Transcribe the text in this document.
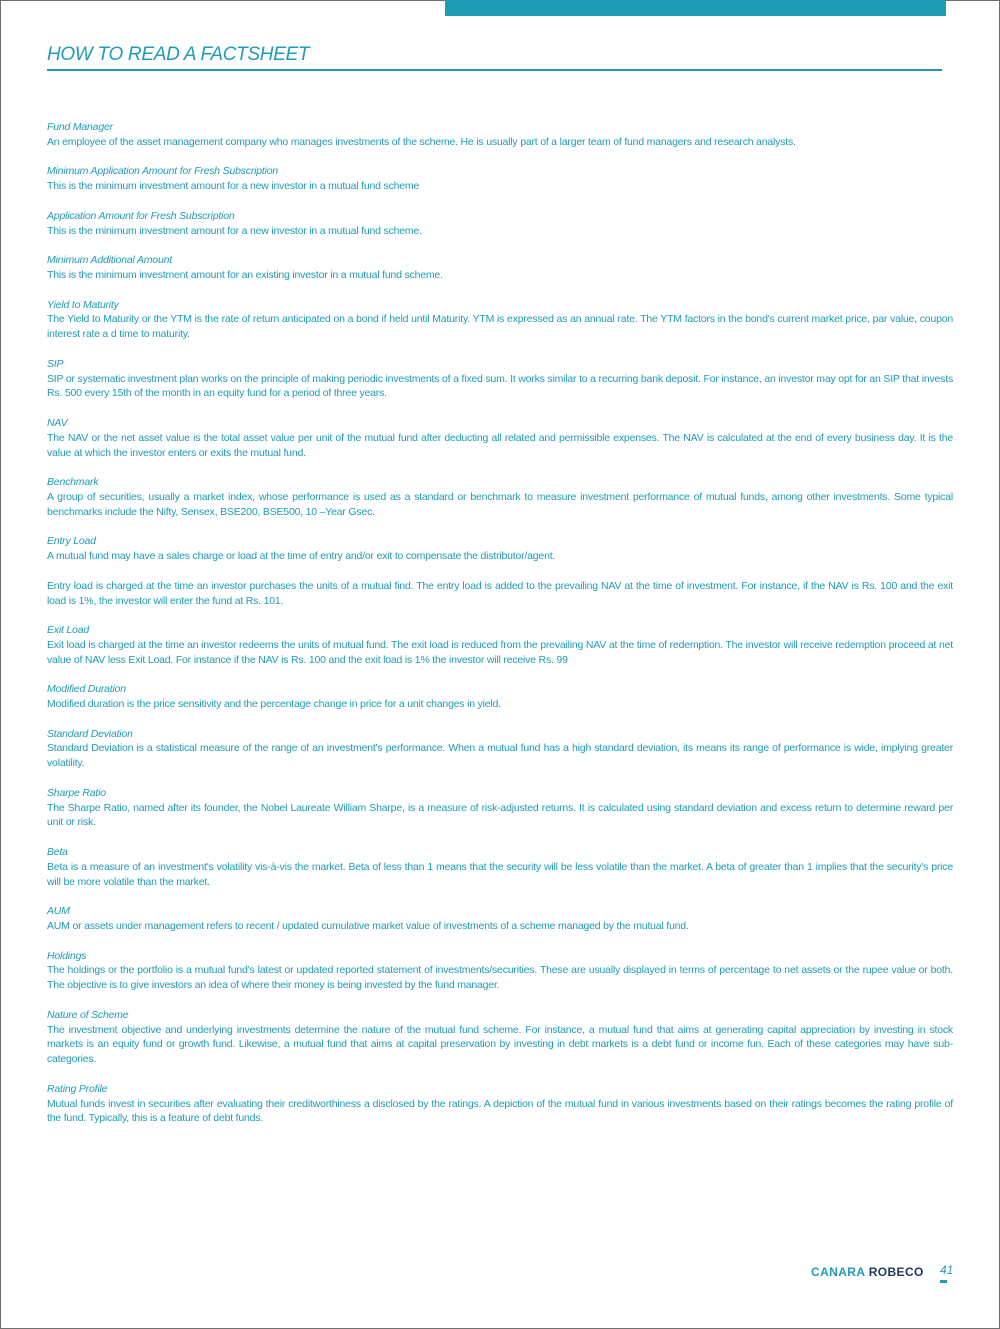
HOW TO READ A FACTSHEET

Fund Manager
An employee of the asset management company who manages investments of the scheme. He is usually part of a larger team of fund managers and research analysts.

Minimum Application Amount for Fresh Subscription
This is the minimum investment amount for a new investor in a mutual fund scheme

Application Amount for Fresh Subscription
This is the minimum investment amount for a new investor in a mutual fund scheme.

Minimum Additional Amount
This is the minimum investment amount for an existing investor in a mutual fund scheme.

Yield to Maturity
The Yield to Maturity or the YTM is the rate of return anticipated on a bond if held until Maturity. YTM is expressed as an annual rate. The YTM factors in the bond's current market price, par value, coupon interest rate a d time to maturity.

SIP
SIP or systematic investment plan works on the principle of making periodic investments of a fixed sum. It works similar to a recurring bank deposit. For instance, an investor may opt for an SIP that invests Rs. 500 every 15th of the month in an equity fund for a period of three years.

NAV
The NAV or the net asset value is the total asset value per unit of the mutual fund after deducting all related and permissible expenses. The NAV is calculated at the end of every business day. It is the value at which the investor enters or exits the mutual fund.

Benchmark
A group of securities, usually a market index, whose performance is used as a standard or benchmark to measure investment performance of mutual funds, among other investments. Some typical benchmarks include the Nifty, Sensex, BSE200, BSE500, 10 –Year Gsec.

Entry Load
A mutual fund may have a sales charge or load at the time of entry and/or exit to compensate the distributor/agent.

Entry load is charged at the time an investor purchases the units of a mutual find. The entry load is added to the prevailing NAV at the time of investment. For instance, if the NAV is Rs. 100 and the exit load is 1%, the investor will enter the fund at Rs. 101.

Exit Load
Exit load is charged at the time an investor redeems the units of mutual fund. The exit load is reduced from the prevailing NAV at the time of redemption. The investor will receive redemption proceed at net value of NAV less Exit Load. For instance if the NAV is Rs. 100 and the exit load is 1% the investor will receive Rs. 99

Modified Duration
Modified duration is the price sensitivity and the percentage change in price for a unit changes in yield.

Standard Deviation
Standard Deviation is a statistical measure of the range of an investment's performance. When a mutual fund has a high standard deviation, its means its range of performance is wide, implying greater volatility.

Sharpe Ratio
The Sharpe Ratio, named after its founder, the Nobel Laureate William Sharpe, is a measure of risk-adjusted returns. It is calculated using standard deviation and excess return to determine reward per unit or risk.

Beta
Beta is a measure of an investment's volatility vis-à-vis the market. Beta of less than 1 means that the security will be less volatile than the market. A beta of greater than 1 implies that the security's price will be more volatile than the market.

AUM
AUM or assets under management refers to recent / updated cumulative market value of investments of a scheme managed by the mutual fund.

Holdings
The holdings or the portfolio is a mutual fund's latest or updated reported statement of investments/securities. These are usually displayed in terms of percentage to net assets or the rupee value or both. The objective is to give investors an idea of where their money is being invested by the fund manager.

Nature of Scheme
The investment objective and underlying investments determine the nature of the mutual fund scheme. For instance, a mutual fund that aims at generating capital appreciation by investing in stock markets is an equity fund or growth fund. Likewise, a mutual fund that aims at capital preservation by investing in debt markets is a debt fund or income fun. Each of these categories may have sub-categories.

Rating Profile
Mutual funds invest in securities after evaluating their creditworthiness a disclosed by the ratings. A depiction of the mutual fund in various investments based on their ratings becomes the rating profile of the fund. Typically, this is a feature of debt funds.

CANARA ROBECO 41
